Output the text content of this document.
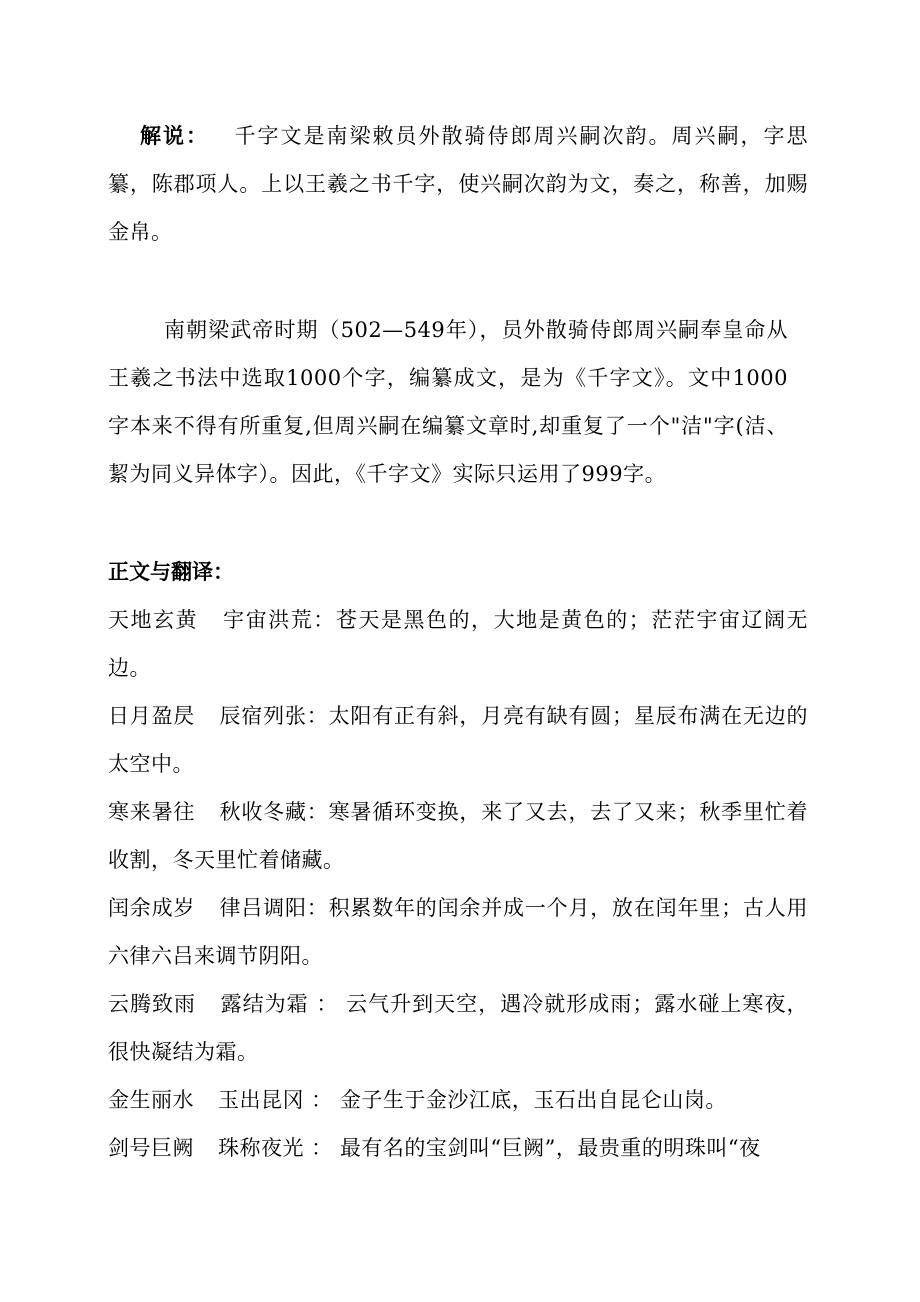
解说： 千字文是南梁敕员外散骑侍郎周兴嗣次韵。周兴嗣，字思纂，陈郡项人。上以王羲之书千字，使兴嗣次韵为文，奏之，称善，加赐金帛。

南朝梁武帝时期（502—549年），员外散骑侍郎周兴嗣奉皇命从王羲之书法中选取1000个字，编纂成文，是为《千字文》。文中1000字本来不得有所重复,但周兴嗣在编纂文章时,却重复了一个"洁"字(洁、絜为同义异体字）。因此，《千字文》实际只运用了999字。

正文与翻译：

天地玄黄 宇宙洪荒：苍天是黑色的，大地是黄色的；茫茫宇宙辽阔无边。
日月盈昃 辰宿列张：太阳有正有斜，月亮有缺有圆；星辰布满在无边的太空中。
寒来暑往 秋收冬藏：寒暑循环变换，来了又去，去了又来；秋季里忙着收割，冬天里忙着储藏。
闰余成岁 律吕调阳：积累数年的闰余并成一个月，放在闰年里；古人用六律六吕来调节阴阳。
云腾致雨 露结为霜 ： 云气升到天空，遇冷就形成雨；露水碰上寒夜，很快凝结为霜。
金生丽水 玉出昆冈 ： 金子生于金沙江底，玉石出自昆仑山岗。
剑号巨阙 珠称夜光 ： 最有名的宝剑叫“巨阙”，最贵重的明珠叫“夜
